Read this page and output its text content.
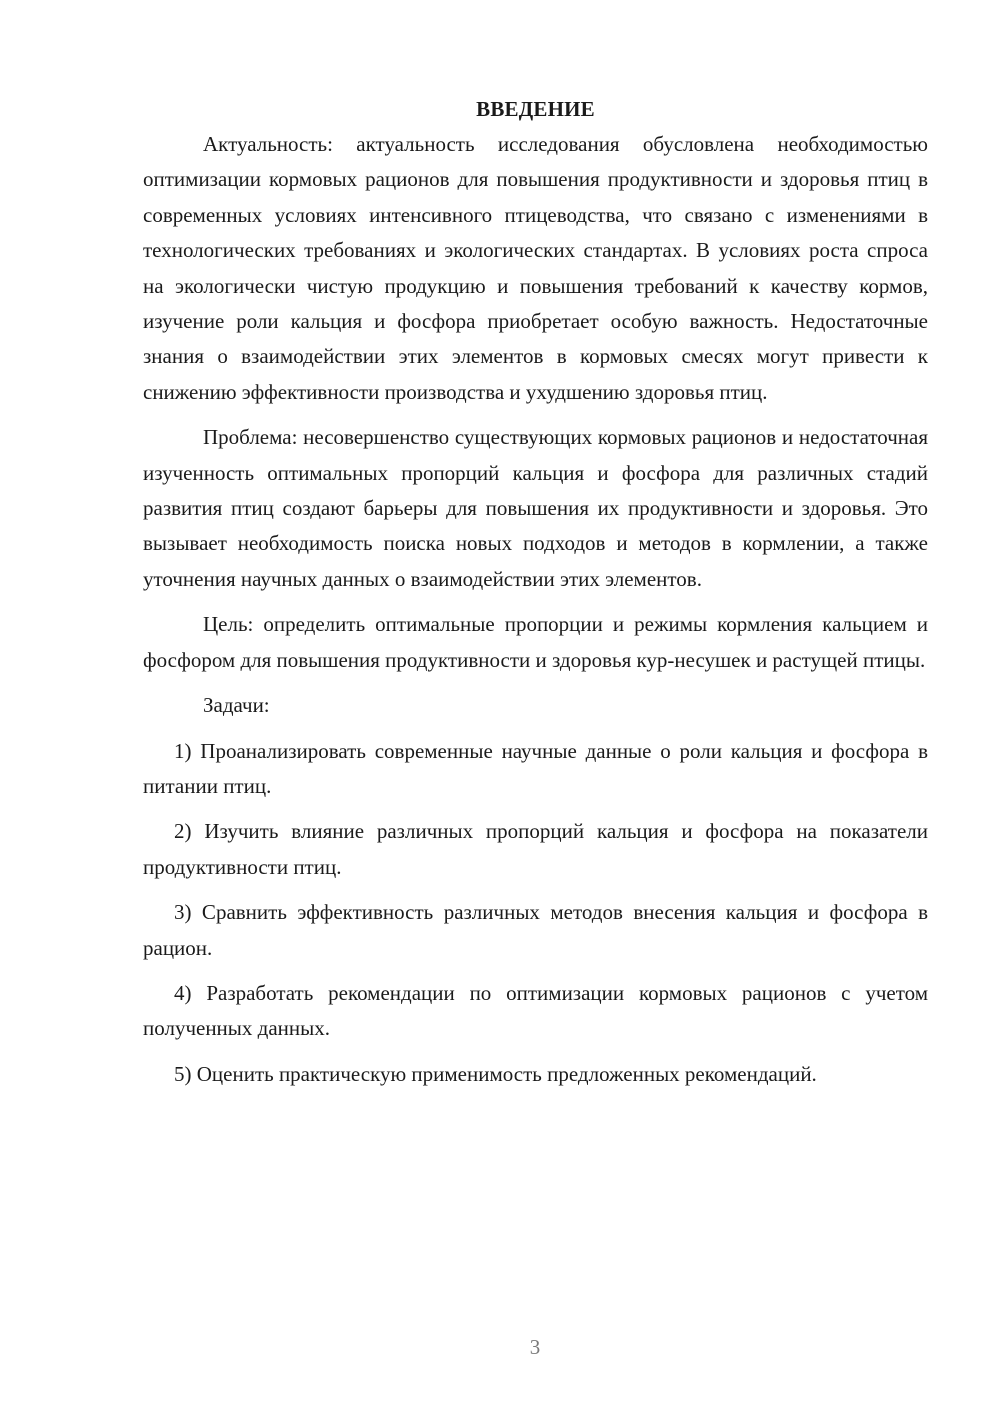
ВВЕДЕНИЕ

Актуальность: актуальность исследования обусловлена необходимостью оптимизации кормовых рационов для повышения продуктивности и здоровья птиц в современных условиях интенсивного птицеводства, что связано с изменениями в технологических требованиях и экологических стандартах. В условиях роста спроса на экологически чистую продукцию и повышения требований к качеству кормов, изучение роли кальция и фосфора приобретает особую важность. Недостаточные знания о взаимодействии этих элементов в кормовых смесях могут привести к снижению эффективности производства и ухудшению здоровья птиц.

Проблема: несовершенство существующих кормовых рационов и недостаточная изученность оптимальных пропорций кальция и фосфора для различных стадий развития птиц создают барьеры для повышения их продуктивности и здоровья. Это вызывает необходимость поиска новых подходов и методов в кормлении, а также уточнения научных данных о взаимодействии этих элементов.

Цель: определить оптимальные пропорции и режимы кормления кальцием и фосфором для повышения продуктивности и здоровья кур-несушек и растущей птицы.

Задачи:

1) Проанализировать современные научные данные о роли кальция и фосфора в питании птиц.

2) Изучить влияние различных пропорций кальция и фосфора на показатели продуктивности птиц.

3) Сравнить эффективность различных методов внесения кальция и фосфора в рацион.

4) Разработать рекомендации по оптимизации кормовых рационов с учетом полученных данных.

5) Оценить практическую применимость предложенных рекомендаций.

3
